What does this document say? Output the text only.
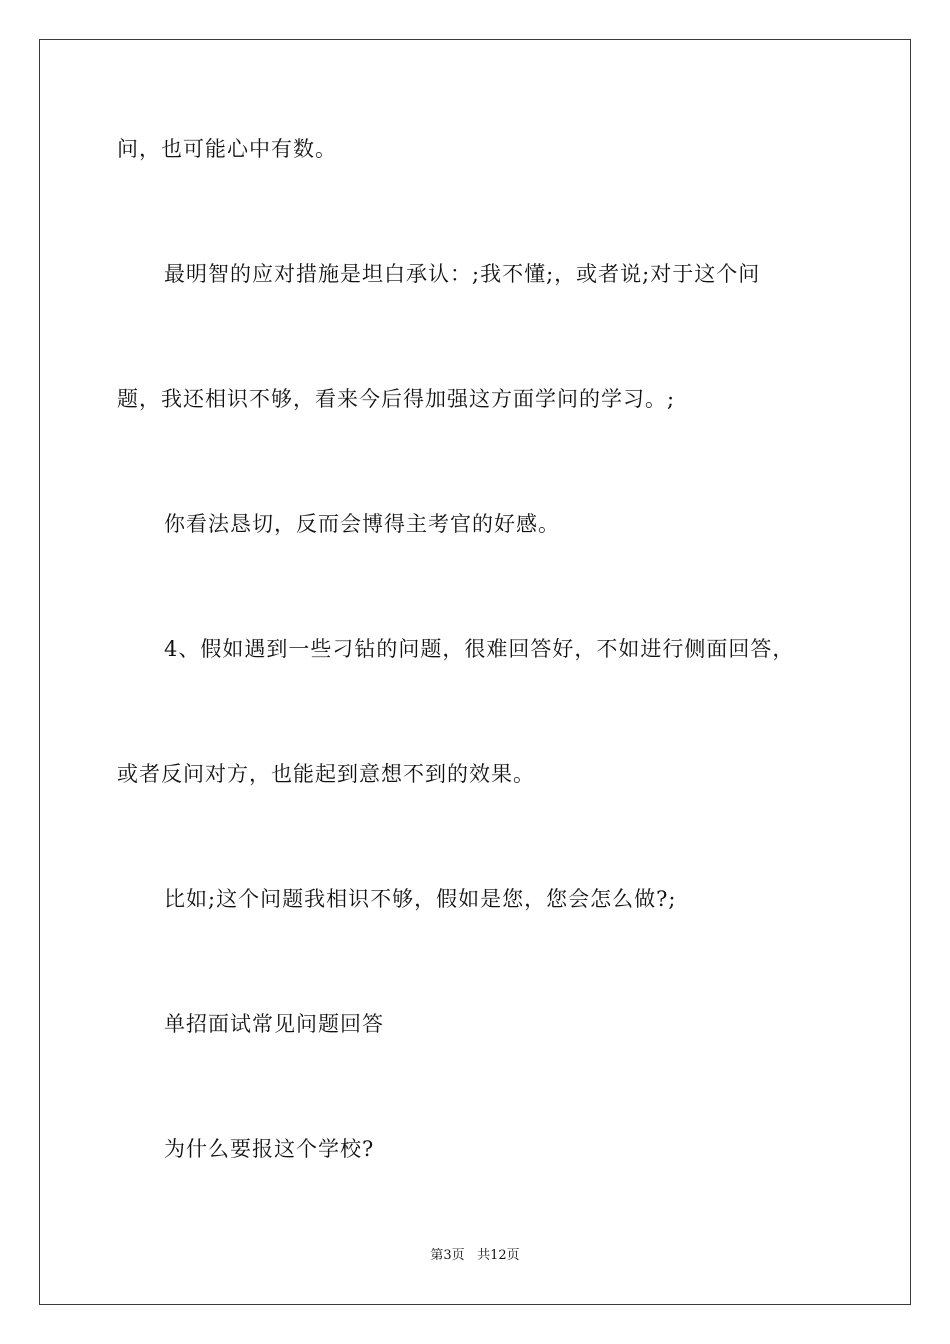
问，也可能心中有数。

最明智的应对措施是坦白承认：;我不懂;，或者说;对于这个问

题，我还相识不够，看来今后得加强这方面学问的学习。;

你看法恳切，反而会博得主考官的好感。

4、假如遇到一些刁钻的问题，很难回答好，不如进行侧面回答，

或者反问对方，也能起到意想不到的效果。

比如;这个问题我相识不够，假如是您，您会怎么做?;

单招面试常见问题回答

为什么要报这个学校?

第3页 共12页
